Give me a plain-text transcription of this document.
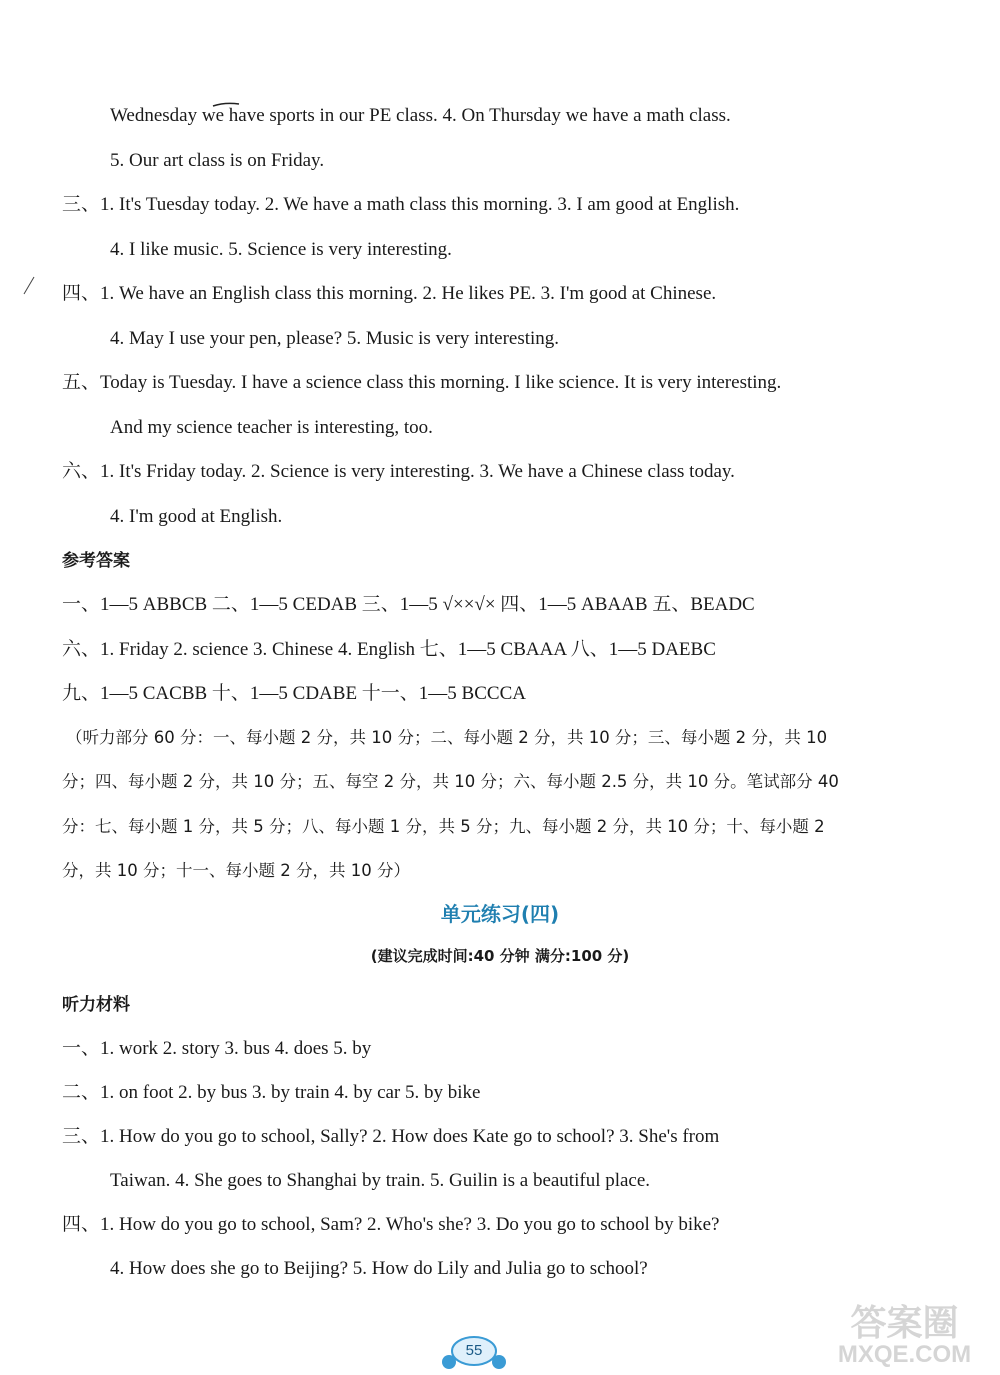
Wednesday we have sports in our PE class. 4. On Thursday we have a math class.
5. Our art class is on Friday.
三、1. It's Tuesday today. 2. We have a math class this morning. 3. I am good at English.
4. I like music. 5. Science is very interesting.
四、1. We have an English class this morning. 2. He likes PE. 3. I'm good at Chinese.
4. May I use your pen, please? 5. Music is very interesting.
五、Today is Tuesday. I have a science class this morning. I like science. It is very interesting.
And my science teacher is interesting, too.
六、1. It's Friday today. 2. Science is very interesting. 3. We have a Chinese class today.
4. I'm good at English.
参考答案
一、1—5 ABBCB 二、1—5 CEDAB 三、1—5 √××√× 四、1—5 ABAAB 五、BEADC
六、1. Friday 2. science 3. Chinese 4. English 七、1—5 CBAAA 八、1—5 DAEBC
九、1—5 CACBB 十、1—5 CDABE 十一、1—5 BCCCA
（听力部分 60 分：一、每小题 2 分，共 10 分；二、每小题 2 分，共 10 分；三、每小题 2 分，共 10
分；四、每小题 2 分，共 10 分；五、每空 2 分，共 10 分；六、每小题 2.5 分，共 10 分。笔试部分 40
分：七、每小题 1 分，共 5 分；八、每小题 1 分，共 5 分；九、每小题 2 分，共 10 分；十、每小题 2
分，共 10 分；十一、每小题 2 分，共 10 分）
单元练习(四)
(建议完成时间:40 分钟 满分:100 分)
听力材料
一、1. work 2. story 3. bus 4. does 5. by
二、1. on foot 2. by bus 3. by train 4. by car 5. by bike
三、1. How do you go to school, Sally? 2. How does Kate go to school? 3. She's from
Taiwan. 4. She goes to Shanghai by train. 5. Guilin is a beautiful place.
四、1. How do you go to school, Sam? 2. Who's she? 3. Do you go to school by bike?
4. How does she go to Beijing? 5. How do Lily and Julia go to school?
55
答案圈
MXQE.COM
